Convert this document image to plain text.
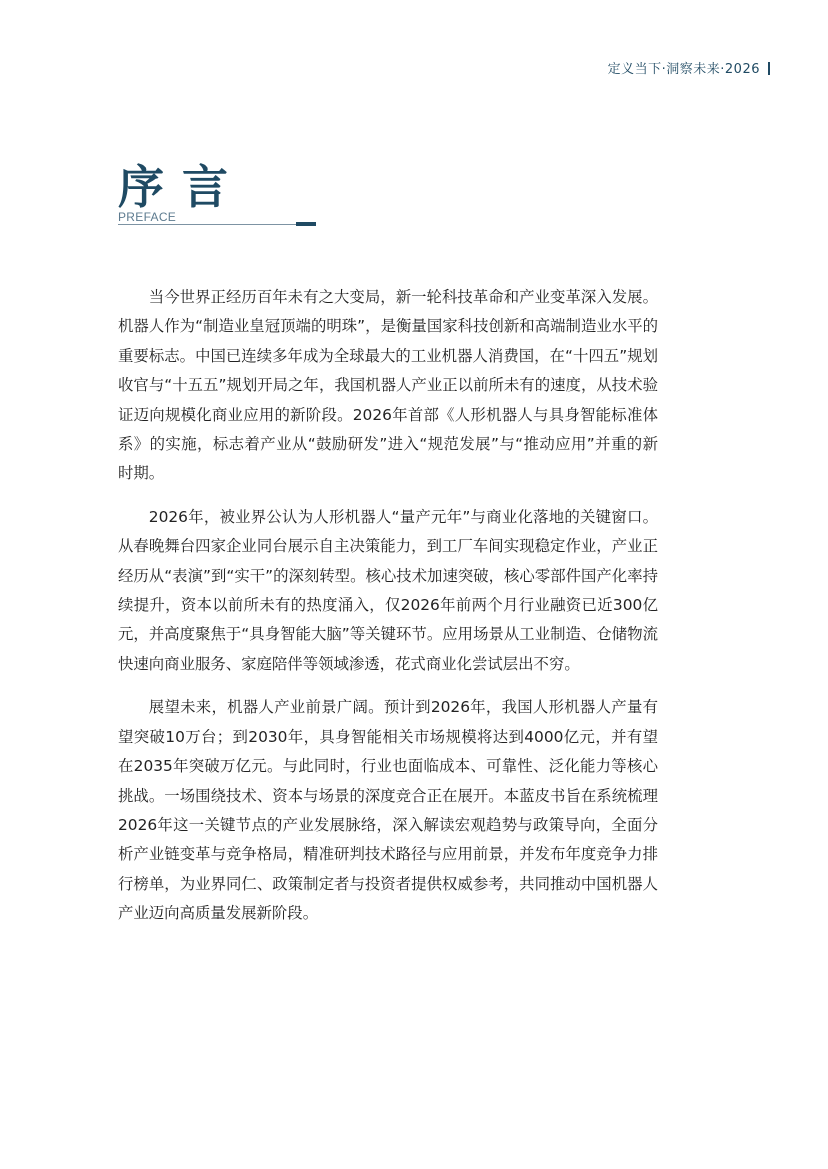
定义当下·洞察未来·2026
序言
PREFACE

当今世界正经历百年未有之大变局，新一轮科技革命和产业变革深入发展。机器人作为“制造业皇冠顶端的明珠”，是衡量国家科技创新和高端制造业水平的重要标志。中国已连续多年成为全球最大的工业机器人消费国，在“十四五”规划收官与“十五五”规划开局之年，我国机器人产业正以前所未有的速度，从技术验证迈向规模化商业应用的新阶段。2026年首部《人形机器人与具身智能标准体系》的实施，标志着产业从“鼓励研发”进入“规范发展”与“推动应用”并重的新时期。

2026年，被业界公认为人形机器人“量产元年”与商业化落地的关键窗口。从春晚舞台四家企业同台展示自主决策能力，到工厂车间实现稳定作业，产业正经历从“表演”到“实干”的深刻转型。核心技术加速突破，核心零部件国产化率持续提升，资本以前所未有的热度涌入，仅2026年前两个月行业融资已近300亿元，并高度聚焦于“具身智能大脑”等关键环节。应用场景从工业制造、仓储物流快速向商业服务、家庭陪伴等领域渗透，花式商业化尝试层出不穷。

展望未来，机器人产业前景广阔。预计到2026年，我国人形机器人产量有望突破10万台；到2030年，具身智能相关市场规模将达到4000亿元，并有望在2035年突破万亿元。与此同时，行业也面临成本、可靠性、泛化能力等核心挑战。一场围绕技术、资本与场景的深度竞合正在展开。本蓝皮书旨在系统梳理2026年这一关键节点的产业发展脉络，深入解读宏观趋势与政策导向，全面分析产业链变革与竞争格局，精准研判技术路径与应用前景，并发布年度竞争力排行榜单，为业界同仁、政策制定者与投资者提供权威参考，共同推动中国机器人产业迈向高质量发展新阶段。
